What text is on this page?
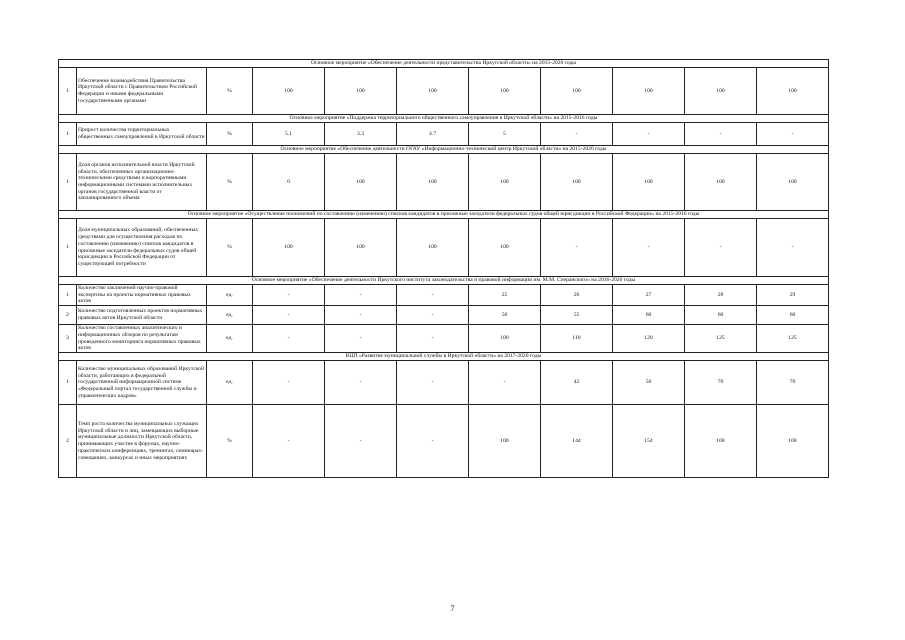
Основное мероприятие «Обеспечение деятельности представительства Иркутской области» на 2015-2020 годы										
1	Обеспечение взаимодействия Правительства Иркутской области с Правительством Российской Федерации и иными федеральными государственными органами	%	100	100	100	100	100	100	100	100
Основное мероприятие «Поддержка территориального общественного самоуправления в Иркутской области» на 2015-2016 годы										
1	Прирост количества территориальных общественных самоуправлений в Иркутской области	%	5.1	3.3	4.7	5	-	-	-	-
Основное мероприятие «Обеспечение деятельности ОГАУ «Информационно-технический центр Иркутской области» на 2015-2020 годы										
1	Доля органов исполнительной власти Иркутской области, обеспеченных организационно-техническими средствами и корпоративными информационными системами исполнительных органов государственной власти от запланированного объема	%	0	100	100	100	100	100	100	100
Основное мероприятие «Осуществление полномочий по составлению (изменению) списков кандидатов в присяжные заседатели федеральных судов общей юрисдикции в Российской Федерации» на 2015-2016 годы										
1	Доля муниципальных образований, обеспеченных средствами для осуществления расходов по составлению (изменению) списков кандидатов в присяжные заседатели федеральных судов общей юрисдикции в Российской Федерации от существующей потребности	%	100	100	100	100	-	-	-	-
Основное мероприятие «Обеспечение деятельности Иркутского института законодательства и правовой информации им. М.М. Сперанского» на 2016-2020 годы										
1	Количество заключений научно-правовой экспертизы на проекты нормативных правовых актов	ед.	-	-	-	25	26	27	28	29
2	Количество подготовленных проектов нормативных правовых актов Иркутской области	ед.	-	-	-	50	55	60	60	60
3	Количество составленных аналитических и информационных обзоров по результатам проведенного мониторинга нормативных правовых актов	ед.	-	-	-	100	110	120	125	125
ВЦП «Развитие муниципальной службы в Иркутской области» на 2017-2020 годы										
1	Количество муниципальных образований Иркутской области, работающих в федеральной государственной информационной системе «Федеральный портал государственной службы и управленческих кадров»	ед.	-	-	-	-	42	50	70	70
2	Темп роста количества муниципальных служащих Иркутской области и лиц, замещающих выборные муниципальные должности Иркутской области, принимающих участие в форумах, научно-практических конференциях, тренингах, семинарах-совещаниях, конкурсах и иных мероприятиях	%	-	-	-	100	144	154	168	168
7
